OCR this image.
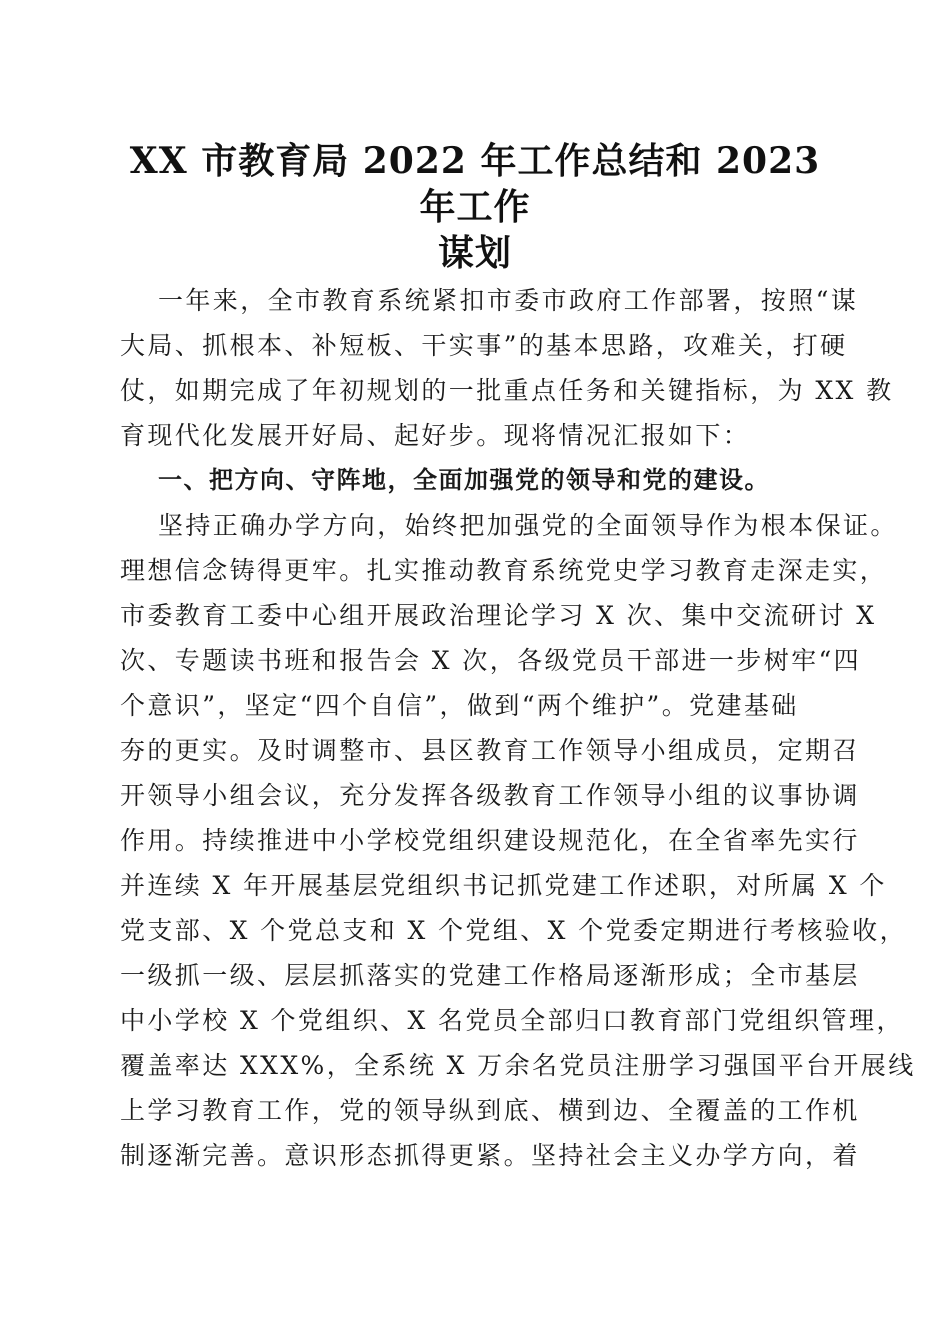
XX 市教育局 2022 年工作总结和 2023 年工作
谋划
一年来，全市教育系统紧扣市委市政府工作部署，按照“谋
大局、抓根本、补短板、干实事”的基本思路，攻难关，打硬
仗，如期完成了年初规划的一批重点任务和关键指标，为 XX 教
育现代化发展开好局、起好步。现将情况汇报如下：
一、把方向、守阵地，全面加强党的领导和党的建设。
坚持正确办学方向，始终把加强党的全面领导作为根本保证。
理想信念铸得更牢。扎实推动教育系统党史学习教育走深走实，
市委教育工委中心组开展政治理论学习 X 次、集中交流研讨 X
次、专题读书班和报告会 X 次，各级党员干部进一步树牢“四
个意识”，坚定“四个自信”，做到“两个维护”。党建基础
夯的更实。及时调整市、县区教育工作领导小组成员，定期召
开领导小组会议，充分发挥各级教育工作领导小组的议事协调
作用。持续推进中小学校党组织建设规范化，在全省率先实行
并连续 X 年开展基层党组织书记抓党建工作述职，对所属 X 个
党支部、X 个党总支和 X 个党组、X 个党委定期进行考核验收，
一级抓一级、层层抓落实的党建工作格局逐渐形成；全市基层
中小学校 X 个党组织、X 名党员全部归口教育部门党组织管理，
覆盖率达 XXX%，全系统 X 万余名党员注册学习强国平台开展线
上学习教育工作，党的领导纵到底、横到边、全覆盖的工作机
制逐渐完善。意识形态抓得更紧。坚持社会主义办学方向，着
